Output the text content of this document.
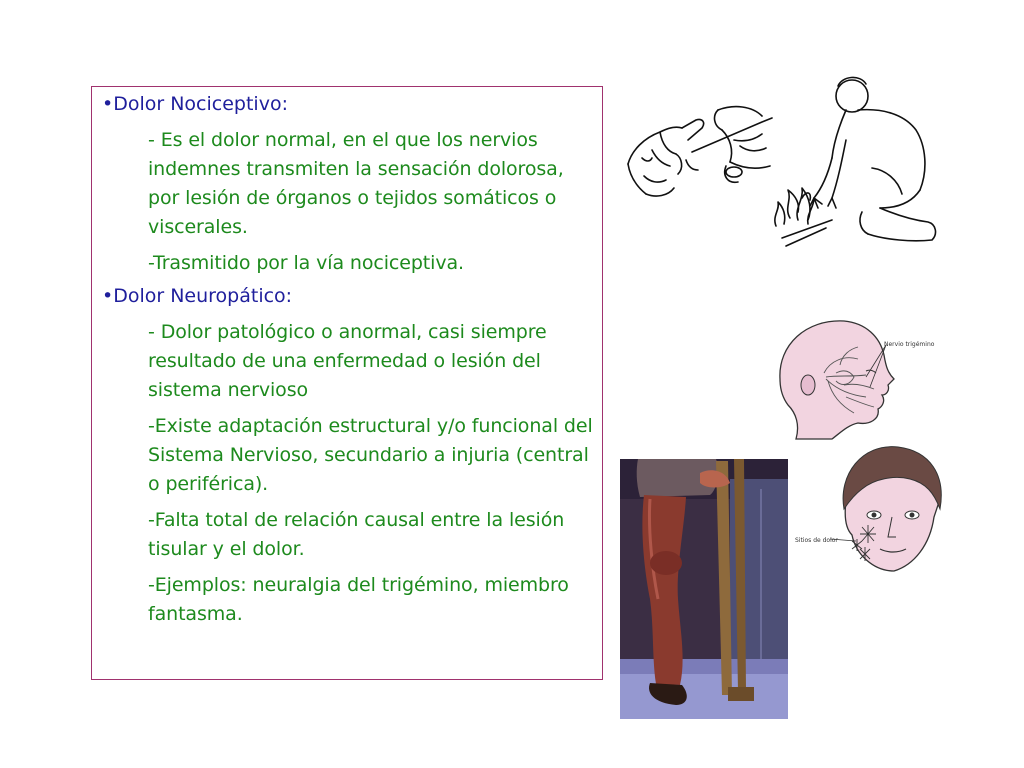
•Dolor Nociceptivo:
- Es el dolor normal, en el que los nervios indemnes transmiten la sensación dolorosa, por lesión de órganos o tejidos somáticos o viscerales.
-Trasmitido por la vía nociceptiva.
•Dolor Neuropático:
- Dolor patológico o anormal, casi siempre resultado de una enfermedad o lesión del sistema nervioso
-Existe adaptación estructural y/o funcional del Sistema Nervioso, secundario a injuria (central o periférica).
-Falta total de relación causal entre la lesión tisular y el dolor.
-Ejemplos: neuralgia del trigémino, miembro fantasma.
Nervio trigémino
Sitios de dolor
